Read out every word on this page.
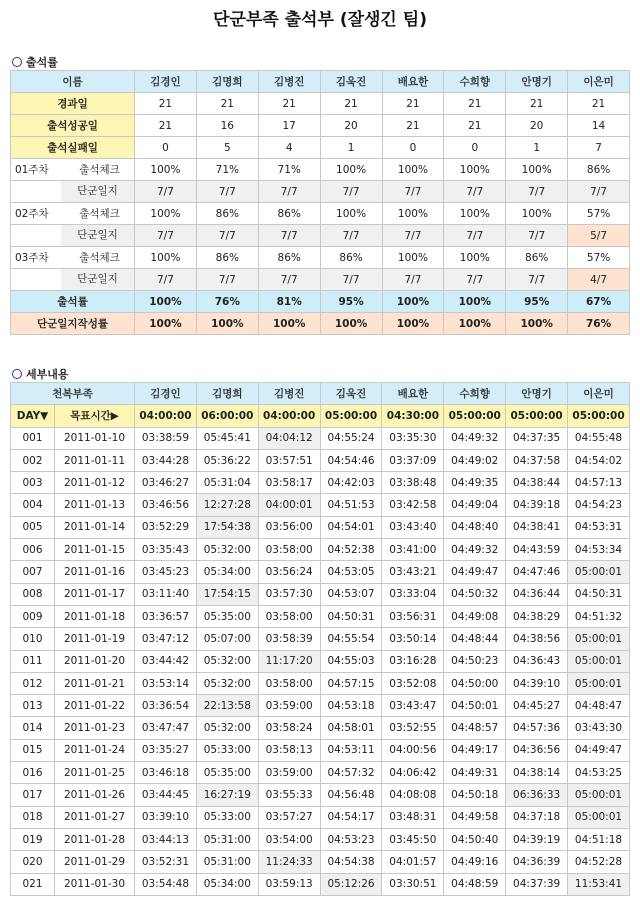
단군부족 출석부 (잘생긴 팀)
출석률
이름	김경인	김명희	김병진	김욱진	배요한	수희향	안명기	이은미
경과일	21	21	21	21	21	21	21	21
출석성공일	21	16	17	20	21	21	20	14
출석실패일	0	5	4	1	0	0	1	7

01주차 출석체크	100%	71%	71%	100%	100%	100%	100%	86%

단군일지	7/7	7/7	7/7	7/7	7/7	7/7	7/7	7/7

02주차 출석체크	100%	86%	86%	100%	100%	100%	100%	57%

단군일지	7/7	7/7	7/7	7/7	7/7	7/7	7/7	5/7

03주차 출석체크	100%	86%	86%	86%	100%	100%	86%	57%

단군일지	7/7	7/7	7/7	7/7	7/7	7/7	7/7	4/7
출석률	100%	76%	81%	95%	100%	100%	95%	67%
단군일지작성률	100%	100%	100%	100%	100%	100%	100%	76%
세부내용
천복부족		김경인	김명희	김병진	김욱진	배요한	수희향	안명기	이은미
DAY▼	목표시간▶	04:00:00	06:00:00	04:00:00	05:00:00	04:30:00	05:00:00	05:00:00	05:00:00
001	2011-01-10	03:38:59	05:45:41	04:04:12	04:55:24	03:35:30	04:49:32	04:37:35	04:55:48
002	2011-01-11	03:44:28	05:36:22	03:57:51	04:54:46	03:37:09	04:49:02	04:37:58	04:54:02
003	2011-01-12	03:46:27	05:31:04	03:58:17	04:42:03	03:38:48	04:49:35	04:38:44	04:57:13
004	2011-01-13	03:46:56	12:27:28	04:00:01	04:51:53	03:42:58	04:49:04	04:39:18	04:54:23
005	2011-01-14	03:52:29	17:54:38	03:56:00	04:54:01	03:43:40	04:48:40	04:38:41	04:53:31
006	2011-01-15	03:35:43	05:32:00	03:58:00	04:52:38	03:41:00	04:49:32	04:43:59	04:53:34
007	2011-01-16	03:45:23	05:34:00	03:56:24	04:53:05	03:43:21	04:49:47	04:47:46	05:00:01
008	2011-01-17	03:11:40	17:54:15	03:57:30	04:53:07	03:33:04	04:50:32	04:36:44	04:50:31
009	2011-01-18	03:36:57	05:35:00	03:58:00	04:50:31	03:56:31	04:49:08	04:38:29	04:51:32
010	2011-01-19	03:47:12	05:07:00	03:58:39	04:55:54	03:50:14	04:48:44	04:38:56	05:00:01
011	2011-01-20	03:44:42	05:32:00	11:17:20	04:55:03	03:16:28	04:50:23	04:36:43	05:00:01
012	2011-01-21	03:53:14	05:32:00	03:58:00	04:57:15	03:52:08	04:50:00	04:39:10	05:00:01
013	2011-01-22	03:36:54	22:13:58	03:59:00	04:53:18	03:43:47	04:50:01	04:45:27	04:48:47
014	2011-01-23	03:47:47	05:32:00	03:58:24	04:58:01	03:52:55	04:48:57	04:57:36	03:43:30
015	2011-01-24	03:35:27	05:33:00	03:58:13	04:53:11	04:00:56	04:49:17	04:36:56	04:49:47
016	2011-01-25	03:46:18	05:35:00	03:59:00	04:57:32	04:06:42	04:49:31	04:38:14	04:53:25
017	2011-01-26	03:44:45	16:27:19	03:55:33	04:56:48	04:08:08	04:50:18	06:36:33	05:00:01
018	2011-01-27	03:39:10	05:33:00	03:57:27	04:54:17	03:48:31	04:49:58	04:37:18	05:00:01
019	2011-01-28	03:44:13	05:31:00	03:54:00	04:53:23	03:45:50	04:50:40	04:39:19	04:51:18
020	2011-01-29	03:52:31	05:31:00	11:24:33	04:54:38	04:01:57	04:49:16	04:36:39	04:52:28
021	2011-01-30	03:54:48	05:34:00	03:59:13	05:12:26	03:30:51	04:48:59	04:37:39	11:53:41
